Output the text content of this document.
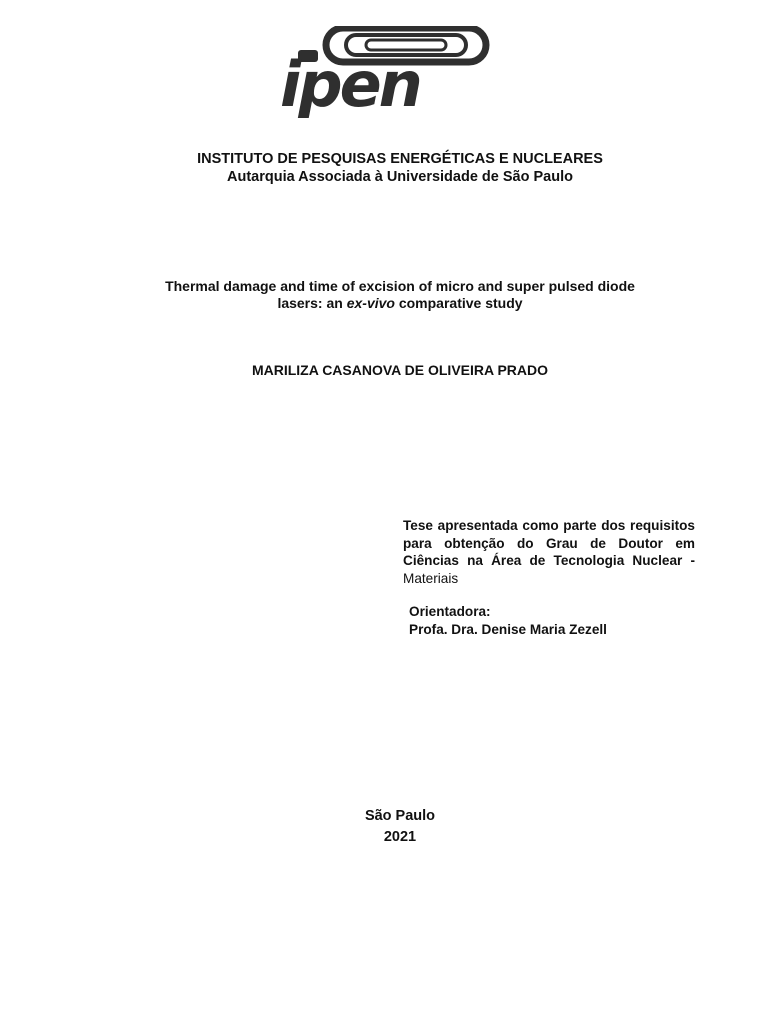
ipen
INSTITUTO DE PESQUISAS ENERGÉTICAS E NUCLEARES
Autarquia Associada à Universidade de São Paulo
Thermal damage and time of excision of micro and super pulsed diode
lasers: an ex-vivo comparative study
MARILIZA CASANOVA DE OLIVEIRA PRADO
Tese apresentada como parte dos requisitos para obtenção do Grau de Doutor em Ciências na Área de Tecnologia Nuclear - Materiais
Orientadora:
Profa. Dra. Denise Maria Zezell
São Paulo
2021
